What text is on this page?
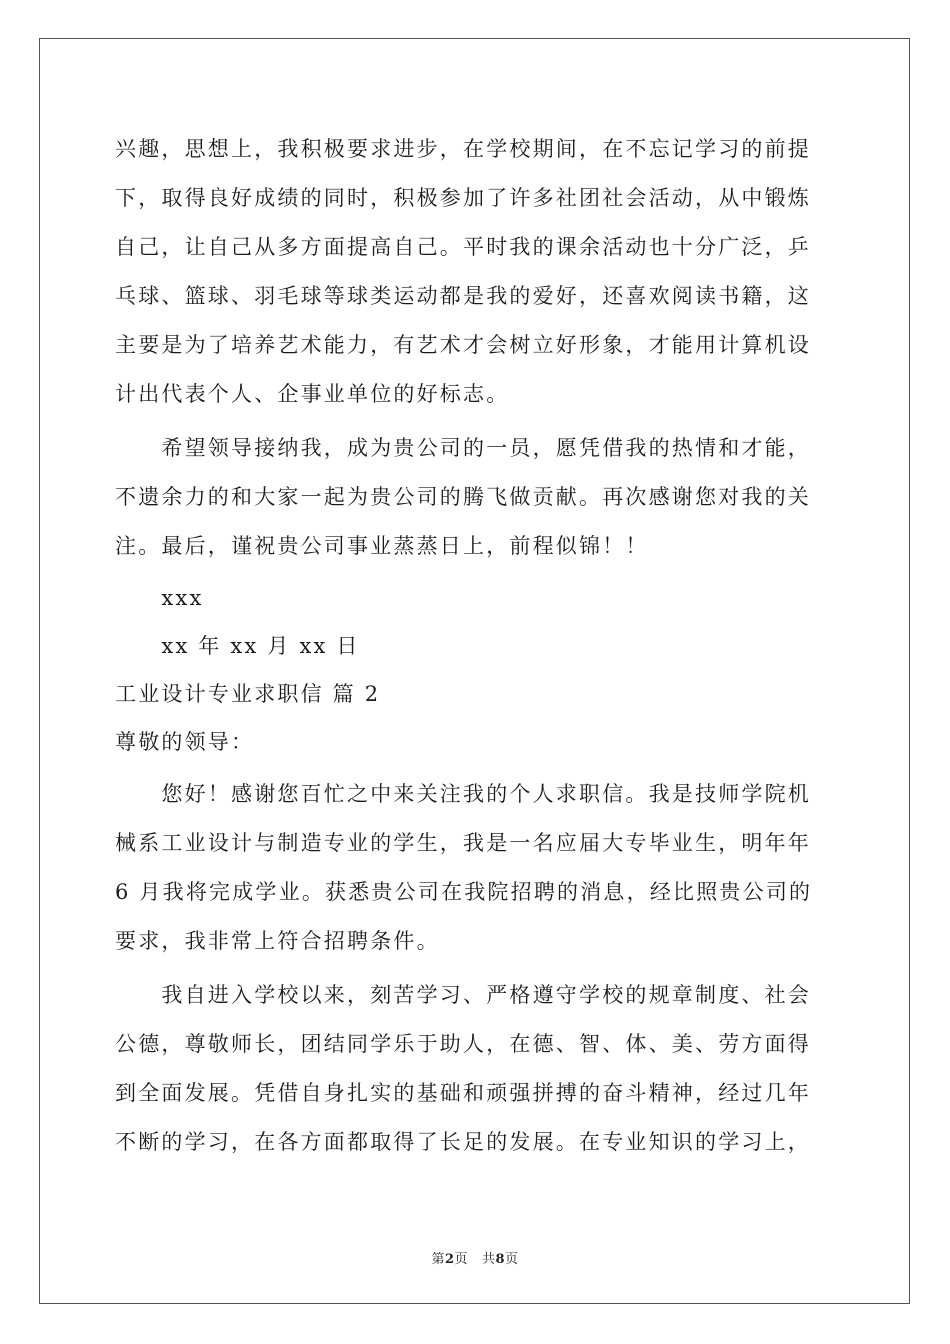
兴趣，思想上，我积极要求进步，在学校期间，在不忘记学习的前提
下，取得良好成绩的同时，积极参加了许多社团社会活动，从中锻炼
自己，让自己从多方面提高自己。平时我的课余活动也十分广泛，乒
乓球、篮球、羽毛球等球类运动都是我的爱好，还喜欢阅读书籍，这
主要是为了培养艺术能力，有艺术才会树立好形象，才能用计算机设
计出代表个人、企事业单位的好标志。
　　希望领导接纳我，成为贵公司的一员，愿凭借我的热情和才能，
不遗余力的和大家一起为贵公司的腾飞做贡献。再次感谢您对我的关
注。最后，谨祝贵公司事业蒸蒸日上，前程似锦！！
　　xxx
　　xx 年 xx 月 xx 日
工业设计专业求职信 篇 2
尊敬的领导：
　　您好！感谢您百忙之中来关注我的个人求职信。我是技师学院机
械系工业设计与制造专业的学生，我是一名应届大专毕业生，明年年
6 月我将完成学业。获悉贵公司在我院招聘的消息，经比照贵公司的
要求，我非常上符合招聘条件。
　　我自进入学校以来，刻苦学习、严格遵守学校的规章制度、社会
公德，尊敬师长，团结同学乐于助人，在德、智、体、美、劳方面得
到全面发展。凭借自身扎实的基础和顽强拼搏的奋斗精神，经过几年
不断的学习，在各方面都取得了长足的发展。在专业知识的学习上，
第2页 共8页
